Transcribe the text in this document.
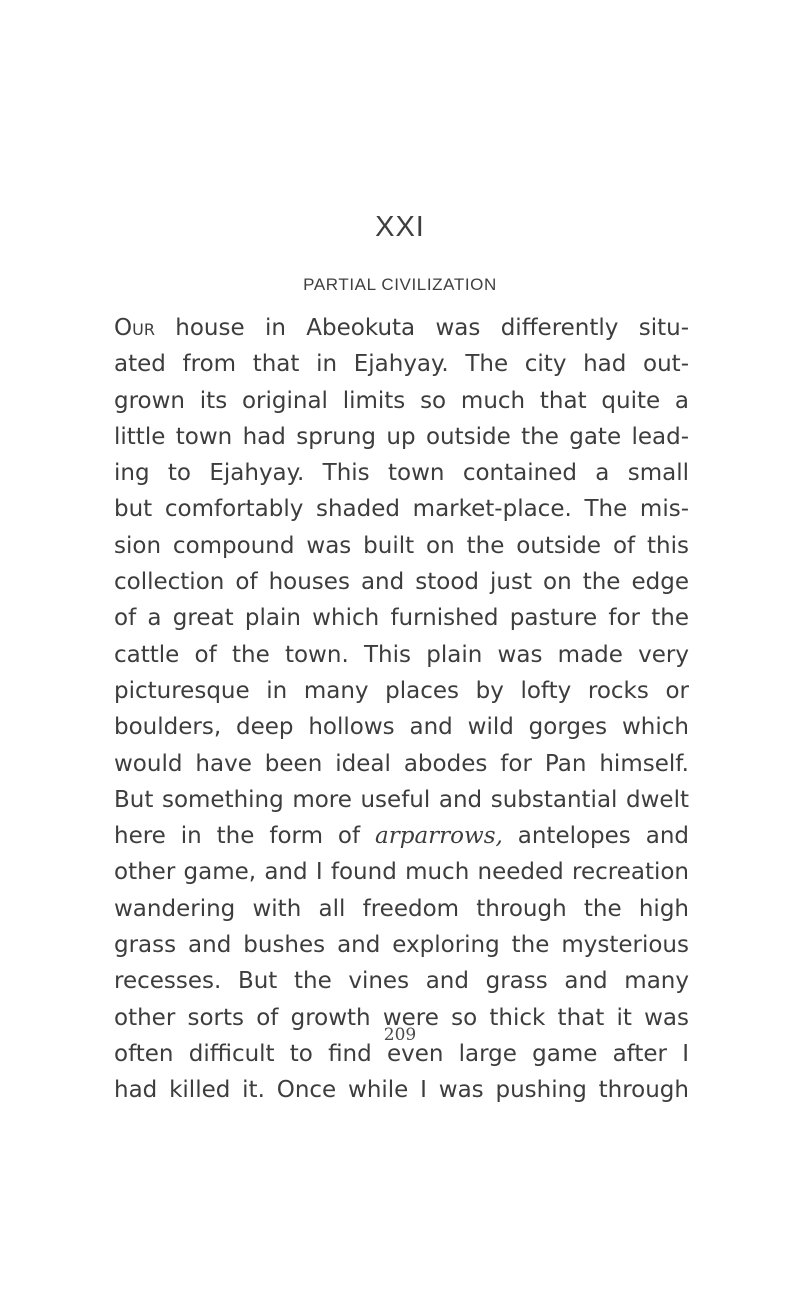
XXI
PARTIAL CIVILIZATION
Our house in Abeokuta was differently situ-
ated from that in Ejahyay. The city had out-
grown its original limits so much that quite a
little town had sprung up outside the gate lead-
ing to Ejahyay. This town contained a small
but comfortably shaded market-place. The mis-
sion compound was built on the outside of this
collection of houses and stood just on the edge
of a great plain which furnished pasture for the
cattle of the town. This plain was made very
picturesque in many places by lofty rocks or
boulders, deep hollows and wild gorges which
would have been ideal abodes for Pan himself.
But something more useful and substantial dwelt
here in the form of arparrows, antelopes and
other game, and I found much needed recreation
wandering with all freedom through the high
grass and bushes and exploring the mysterious
recesses. But the vines and grass and many
other sorts of growth were so thick that it was
often difficult to find even large game after I
had killed it. Once while I was pushing through
209
